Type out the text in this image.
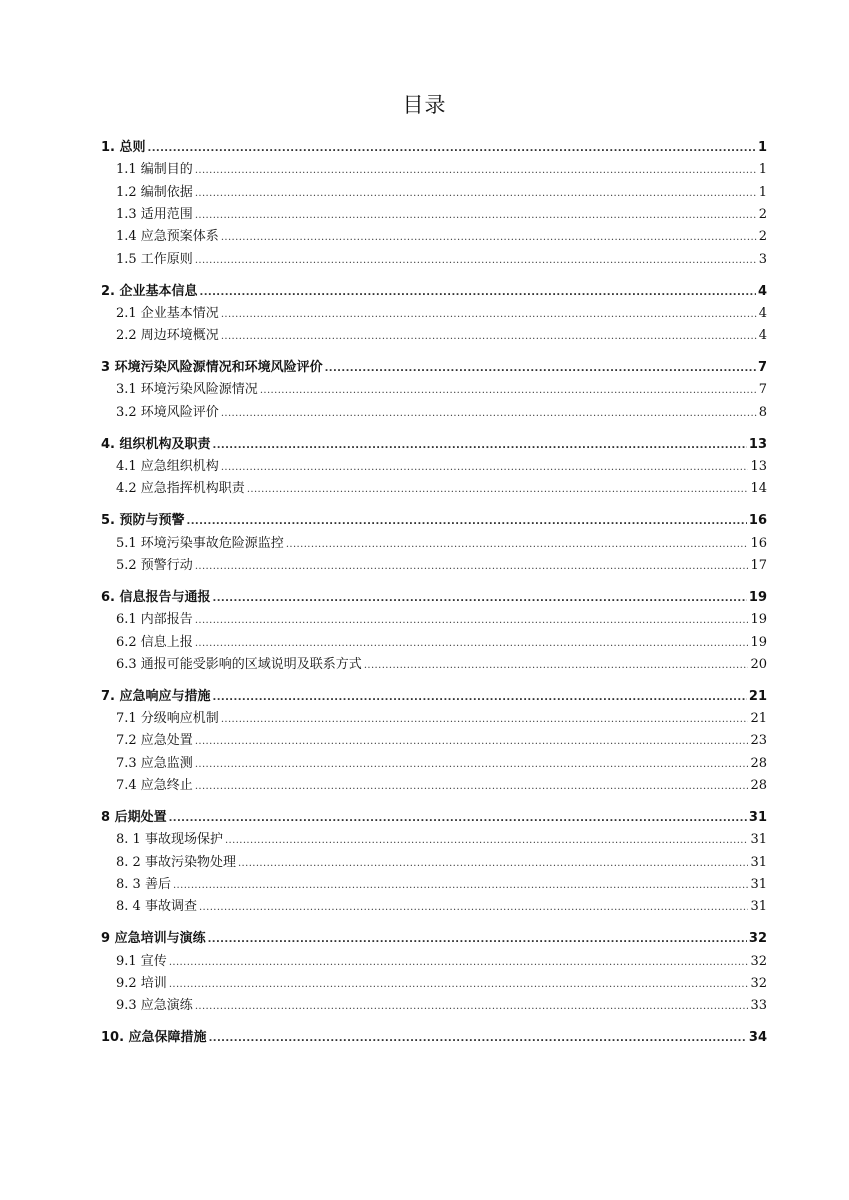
目录
1. 总则 .....	1
1.1 编制目的 .....	1
1.2 编制依据 .....	1
1.3 适用范围 .....	2
1.4 应急预案体系 .....	2
1.5 工作原则 .....	3
2. 企业基本信息 .....	4
2.1 企业基本情况 .....	4
2.2 周边环境概况 .....	4
3 环境污染风险源情况和环境风险评价 .....	7
3.1 环境污染风险源情况 .....	7
3.2 环境风险评价 .....	8
4. 组织机构及职责 .....	13
4.1 应急组织机构 .....	13
4.2 应急指挥机构职责 .....	14
5. 预防与预警 .....	16
5.1 环境污染事故危险源监控 .....	16
5.2 预警行动 .....	17
6. 信息报告与通报 .....	19
6.1 内部报告 .....	19
6.2 信息上报 .....	19
6.3 通报可能受影响的区域说明及联系方式 .....	20
7. 应急响应与措施 .....	21
7.1 分级响应机制 .....	21
7.2 应急处置 .....	23
7.3 应急监测 .....	28
7.4 应急终止 .....	28
8 后期处置 .....	31
8. 1 事故现场保护 .....	31
8. 2 事故污染物处理 .....	31
8. 3 善后 .....	31
8. 4 事故调查 .....	31
9 应急培训与演练 .....	32
9.1 宣传 .....	32
9.2 培训 .....	32
9.3 应急演练 .....	33
10. 应急保障措施 .....	34
